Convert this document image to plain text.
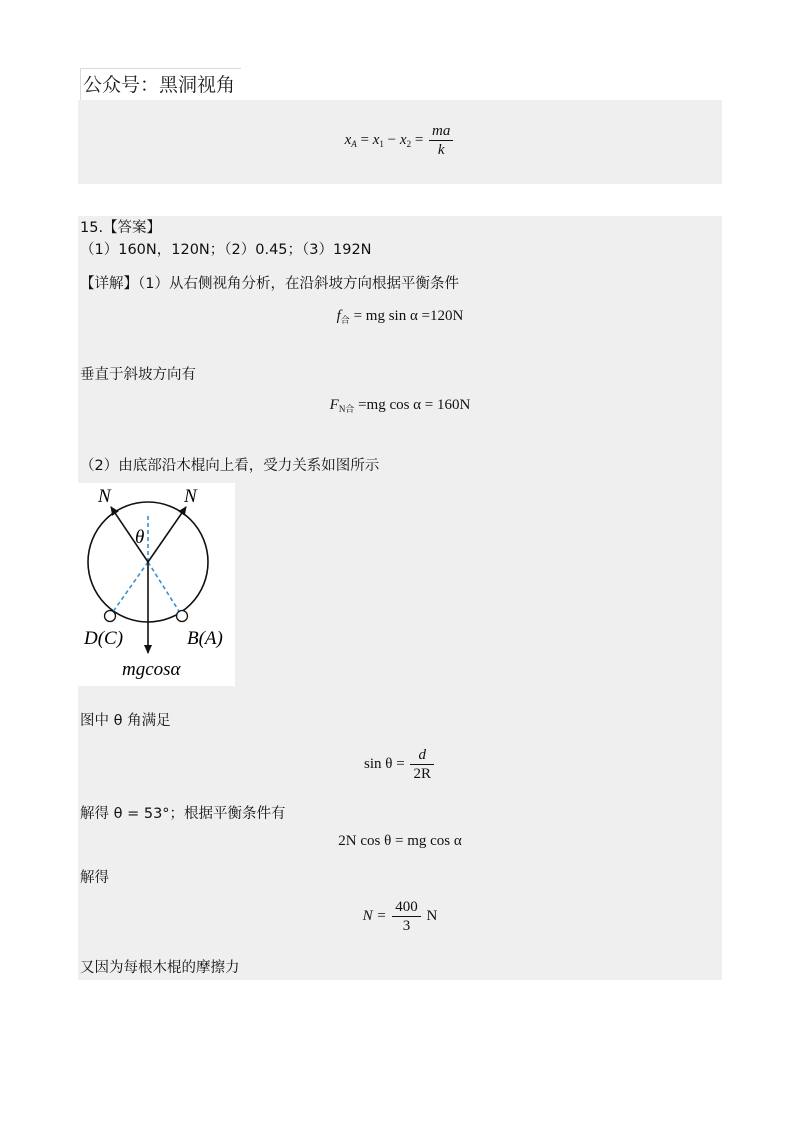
公众号：黑洞视角
$x_A = x_1 - x_2 = \frac{ma}{k}$
15.【答案】
（1）160N，120N；（2）0.45；（3）192N
【详解】（1）从右侧视角分析，在沿斜坡方向根据平衡条件
$f_合$ = mg sin α =120N
垂直于斜坡方向有
$F_{N合} =mg$ cos α = 160N
（2）由底部沿木棍向上看，受力关系如图所示
N	N
θ
D(C)	B(A)
mgcosα
图中 θ 角满足
$\sin \theta = \frac{d}{2R}$
解得 θ = 53°；根据平衡条件有
2N cos θ = mg cos α
解得
$N = \frac{400}{3}$ N
又因为每根木棍的摩擦力
